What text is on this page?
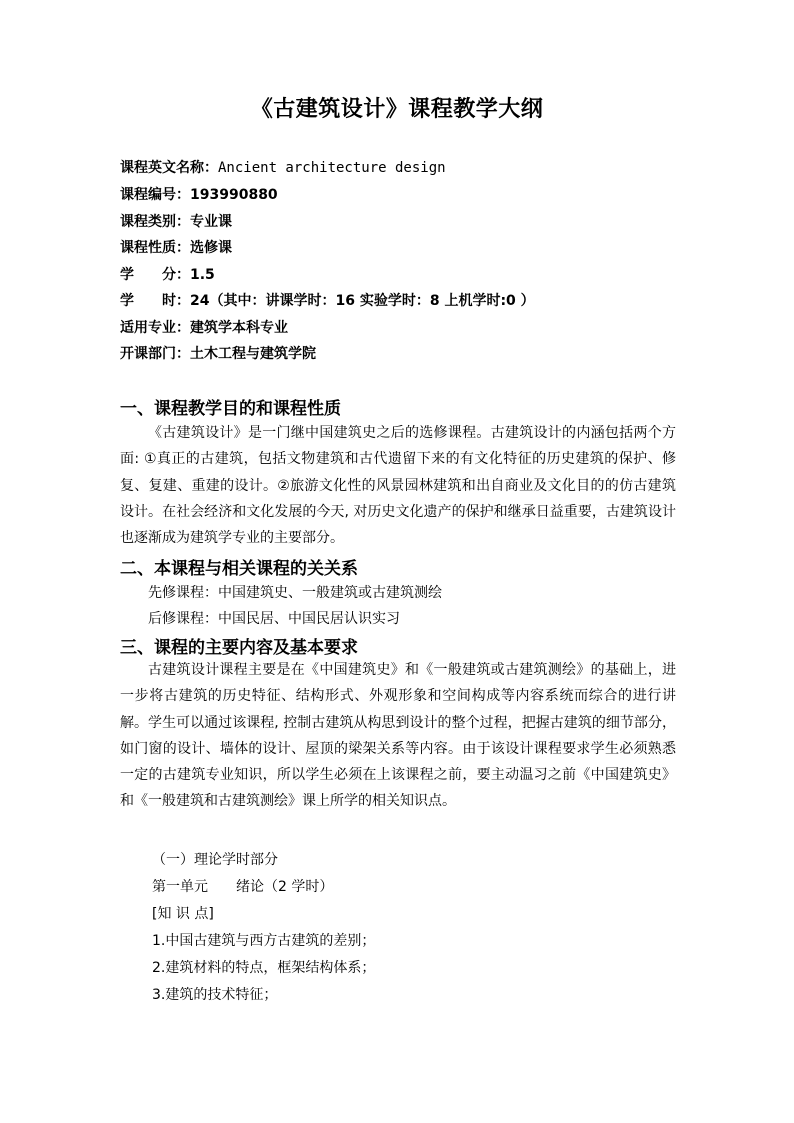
《古建筑设计》课程教学大纲
课程英文名称：Ancient architecture design
课程编号：193990880
课程类别：专业课
课程性质：选修课
学　　分：1.5
学　　时：24（其中：讲课学时：16 实验学时：8 上机学时:0 ）
适用专业：建筑学本科专业
开课部门：土木工程与建筑学院
一、课程教学目的和课程性质
《古建筑设计》是一门继中国建筑史之后的选修课程。古建筑设计的内涵包括两个方面: ①真正的古建筑，包括文物建筑和古代遗留下来的有文化特征的历史建筑的保护、修复、复建、重建的设计。②旅游文化性的风景园林建筑和出自商业及文化目的的仿古建筑设计。在社会经济和文化发展的今天, 对历史文化遗产的保护和继承日益重要，古建筑设计也逐渐成为建筑学专业的主要部分。
二、本课程与相关课程的关关系
先修课程：中国建筑史、一般建筑或古建筑测绘
后修课程：中国民居、中国民居认识实习
三、课程的主要内容及基本要求
古建筑设计课程主要是在《中国建筑史》和《一般建筑或古建筑测绘》的基础上，进一步将古建筑的历史特征、结构形式、外观形象和空间构成等内容系统而综合的进行讲解。学生可以通过该课程, 控制古建筑从构思到设计的整个过程，把握古建筑的细节部分，如门窗的设计、墙体的设计、屋顶的梁架关系等内容。由于该设计课程要求学生必须熟悉一定的古建筑专业知识，所以学生必须在上该课程之前，要主动温习之前《中国建筑史》和《一般建筑和古建筑测绘》课上所学的相关知识点。
（一）理论学时部分
第一单元　　绪论（2 学时）
[知 识 点]
1.中国古建筑与西方古建筑的差别；
2.建筑材料的特点，框架结构体系；
3.建筑的技术特征；
